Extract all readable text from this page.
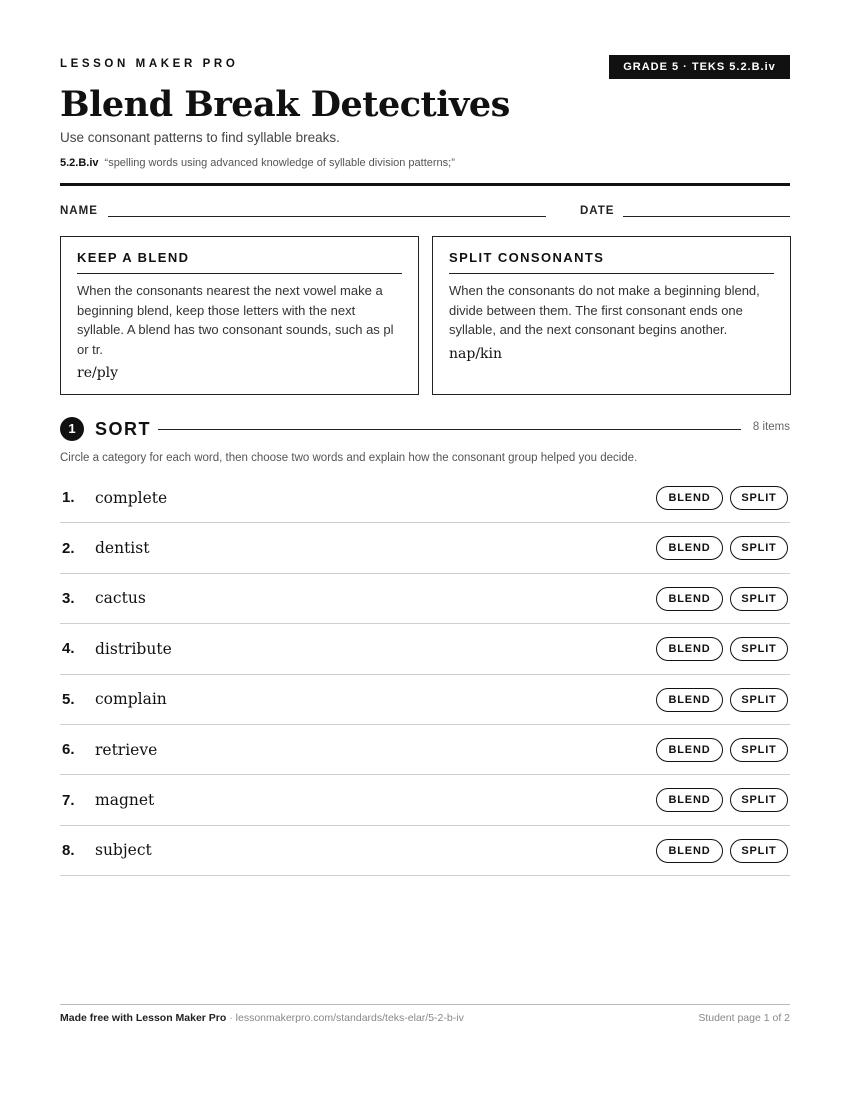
LESSON MAKER PRO	GRADE 5 · TEKS 5.2.B.iv
Blend Break Detectives
Use consonant patterns to find syllable breaks.
5.2.B.iv “spelling words using advanced knowledge of syllable division patterns;”
NAME	DATE
KEEP A BLEND
When the consonants nearest the next vowel make a beginning blend, keep those letters with the next syllable. A blend has two consonant sounds, such as pl or tr.
re/ply
SPLIT CONSONANTS
When the consonants do not make a beginning blend, divide between them. The first consonant ends one syllable, and the next consonant begins another.
nap/kin
1	SORT	8 items
Circle a category for each word, then choose two words and explain how the consonant group helped you decide.
1.	complete	BLEND	SPLIT
2.	dentist	BLEND	SPLIT
3.	cactus	BLEND	SPLIT
4.	distribute	BLEND	SPLIT
5.	complain	BLEND	SPLIT
6.	retrieve	BLEND	SPLIT
7.	magnet	BLEND	SPLIT
8.	subject	BLEND	SPLIT
Made free with Lesson Maker Pro · lessonmakerpro.com/standards/teks-elar/5-2-b-iv	Student page 1 of 2
